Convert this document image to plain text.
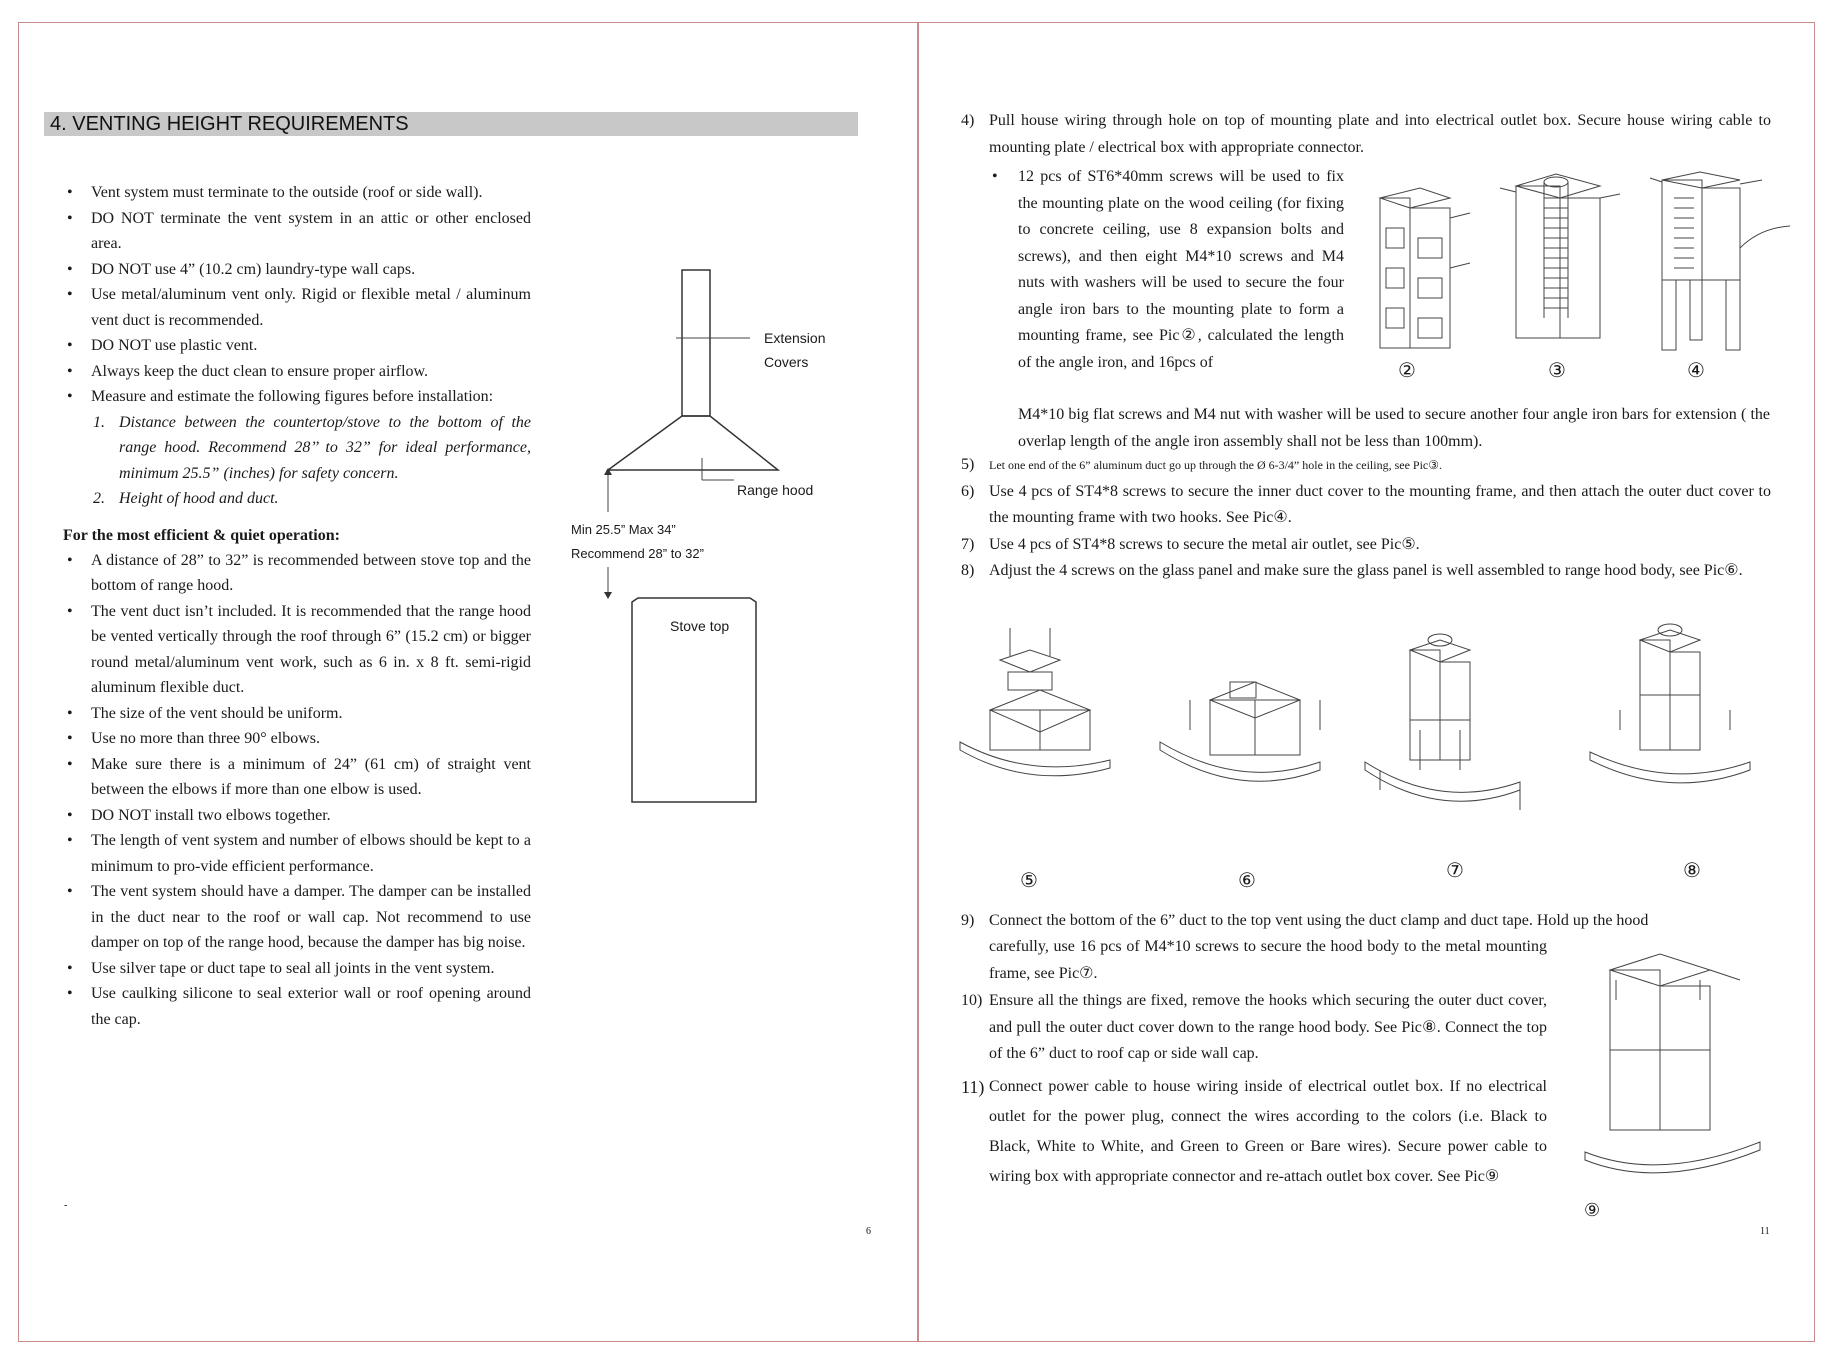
4. VENTING HEIGHT REQUIREMENTS
• Vent system must terminate to the outside (roof or side wall).
• DO NOT terminate the vent system in an attic or other enclosed area.
• DO NOT use 4” (10.2 cm) laundry-type wall caps.
• Use metal/aluminum vent only. Rigid or flexible metal / aluminum vent duct is recommended.
• DO NOT use plastic vent.
• Always keep the duct clean to ensure proper airflow.
• Measure and estimate the following figures before installation:
1. Distance between the countertop/stove to the bottom of the range hood. Recommend 28’’ to 32” for ideal performance, minimum 25.5” (inches) for safety concern.
2. Height of hood and duct.
For the most efficient & quiet operation:
• A distance of 28” to 32” is recommended between stove top and the bottom of range hood.
• The vent duct isn’t included. It is recommended that the range hood be vented vertically through the roof through 6” (15.2 cm) or bigger round metal/aluminum vent work, such as 6 in. x 8 ft. semi-rigid aluminum flexible duct.
• The size of the vent should be uniform.
• Use no more than three 90° elbows.
• Make sure there is a minimum of 24” (61 cm) of straight vent between the elbows if more than one elbow is used.
• DO NOT install two elbows together.
• The length of vent system and number of elbows should be kept to a minimum to pro-vide efficient performance.
• The vent system should have a damper. The damper can be installed in the duct near to the roof or wall cap. Not recommend to use damper on top of the range hood, because the damper has big noise.
• Use silver tape or duct tape to seal all joints in the vent system.
• Use caulking silicone to seal exterior wall or roof opening around the cap.
-
Extension
Covers
Range hood
Min 25.5” Max 34”
Recommend 28” to 32”
Stove top
6
4) Pull house wiring through hole on top of mounting plate and into electrical outlet box. Secure house wiring cable to mounting plate / electrical box with appropriate connector.
• 12 pcs of ST6*40mm screws will be used to fix the mounting plate on the wood ceiling (for fixing to concrete ceiling, use 8 expansion bolts and screws), and then eight M4*10 screws and M4 nuts with washers will be used to secure the four angle iron bars to the mounting plate to form a mounting frame, see Pic②, calculated the length of the angle iron, and 16pcs of
M4*10 big flat screws and M4 nut with washer will be used to secure another four angle iron bars for extension ( the overlap length of the angle iron assembly shall not be less than 100mm).
②	③	④
5) Let one end of the 6” aluminum duct go up through the Ø 6-3/4” hole in the ceiling, see Pic③.
6) Use 4 pcs of ST4*8 screws to secure the inner duct cover to the mounting frame, and then attach the outer duct cover to the mounting frame with two hooks. See Pic④.
7) Use 4 pcs of ST4*8 screws to secure the metal air outlet, see Pic⑤.
8) Adjust the 4 screws on the glass panel and make sure the glass panel is well assembled to range hood body, see Pic⑥.
⑤	⑥	⑦	⑧
9) Connect the bottom of the 6” duct to the top vent using the duct clamp and duct tape. Hold up the hood
carefully, use 16 pcs of M4*10 screws to secure the hood body to the metal mounting frame, see Pic⑦.
10) Ensure all the things are fixed, remove the hooks which securing the outer duct cover, and pull the outer duct cover down to the range hood body. See Pic⑧. Connect the top of the 6” duct to roof cap or side wall cap.
11) Connect power cable to house wiring inside of electrical outlet box. If no electrical outlet for the power plug, connect the wires according to the colors (i.e. Black to Black, White to White, and Green to Green or Bare wires). Secure power cable to wiring box with appropriate connector and re-attach outlet box cover. See Pic⑨
⑨
11
